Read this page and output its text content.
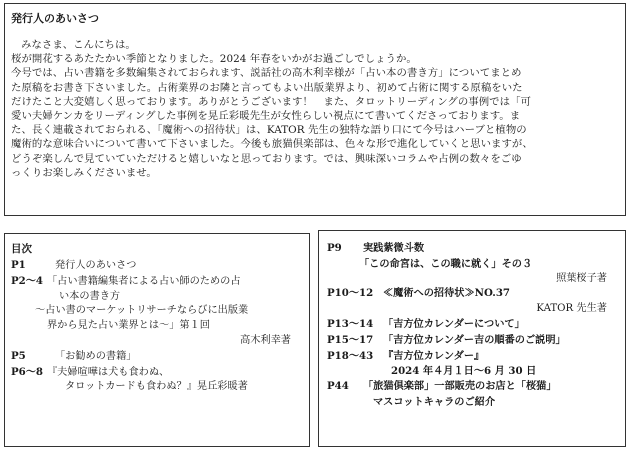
発行人のあいさつ
みなさま、こんにちは。
桜が開花するあたたかい季節となりました。2024 年春をいかがお過ごしでしょうか。
今号では、占い書籍を多数編集されておられます、説話社の高木利幸様が「占い本の書き方」についてまとめ
た原稿をお書き下さいました。占術業界のお隣と言ってもよい出版業界より、初めて占術に関する原稿をいた
だけたこと大変嬉しく思っております。ありがとうございます！　また、タロットリーディングの事例では「可
愛い夫婦ケンカをリーディングした事例を晃丘彩暖先生が女性らしい視点にて書いてくださっております。ま
た、長く連載されておられる、「魔術への招待状」は、KATOR 先生の独特な語り口にて今号はハーブと植物の
魔術的な意味合いについて書いて下さいました。今後も旅猫倶楽部は、色々な形で進化していくと思いますが、
どうぞ楽しんで見ていていただけると嬉しいなと思っております。では、興味深いコラムや占例の数々をごゆ
っくりお楽しみくださいませ。
目次
P1	発行人のあいさつ
P2～4 「占い書籍編集者による占い師のための占
い本の書き方
～占い書のマーケットリサーチならびに出版業
界から見た占い業界とは～」第１回
高木利幸著
P5	「お勧めの書籍」
P6～8 『夫婦喧嘩は犬も食わぬ、
タロットカードも食わぬ？』晃丘彩暖著
P9 実践紫微斗数
「この命宮は、この職に就く」その３
照葉桜子著
P10～12 ≪魔術への招待状≫NO.37
KATOR 先生著
P13～14 「吉方位カレンダーについて」
P15～17 「吉方位カレンダー吉の順番のご説明」
P18～43 『吉方位カレンダー』
2024 年４月１日～6 月 30 日
P44 「旅猫倶楽部」一部販売のお店と「桜猫」
マスコットキャラのご紹介
